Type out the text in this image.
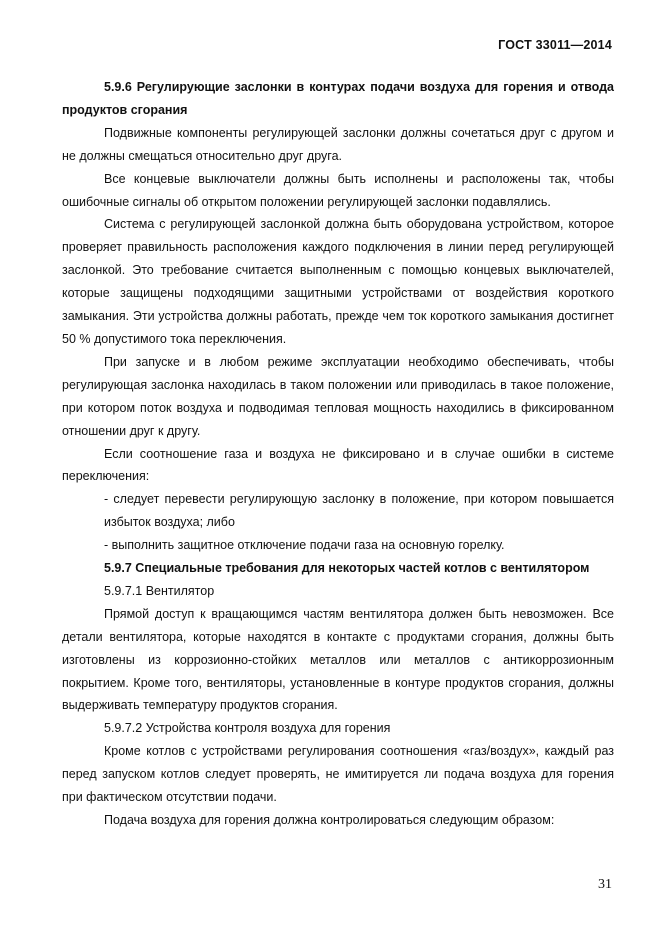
ГОСТ 33011—2014

5.9.6 Регулирующие заслонки в контурах подачи воздуха для горения и отвода продуктов сгорания

Подвижные компоненты регулирующей заслонки должны сочетаться друг с другом и не должны смещаться относительно друг друга.

Все концевые выключатели должны быть исполнены и расположены так, чтобы ошибочные сигналы об открытом положении регулирующей заслонки подавлялись.

Система с регулирующей заслонкой должна быть оборудована устройством, которое проверяет правильность расположения каждого подключения в линии перед регулирующей заслонкой. Это требование считается выполненным с помощью концевых выключателей, которые защищены подходящими защитными устройствами от воздействия короткого замыкания. Эти устройства должны работать, прежде чем ток короткого замыкания достигнет 50 % допустимого тока переключения.

При запуске и в любом режиме эксплуатации необходимо обеспечивать, чтобы регулирующая заслонка находилась в таком положении или приводилась в такое положение, при котором поток воздуха и подводимая тепловая мощность находились в фиксированном отношении друг к другу.

Если соотношение газа и воздуха не фиксировано и в случае ошибки в системе переключения:

- следует перевести регулирующую заслонку в положение, при котором повышается избыток воздуха; либо

- выполнить защитное отключение подачи газа на основную горелку.

5.9.7 Специальные требования для некоторых частей котлов с вентилятором

5.9.7.1 Вентилятор

Прямой доступ к вращающимся частям вентилятора должен быть невозможен. Все детали вентилятора, которые находятся в контакте с продуктами сгорания, должны быть изготовлены из коррозионно-стойких металлов или металлов с антикоррозионным покрытием. Кроме того, вентиляторы, установленные в контуре продуктов сгорания, должны выдерживать температуру продуктов сгорания.

5.9.7.2 Устройства контроля воздуха для горения

Кроме котлов с устройствами регулирования соотношения «газ/воздух», каждый раз перед запуском котлов следует проверять, не имитируется ли подача воздуха для горения при фактическом отсутствии подачи.

Подача воздуха для горения должна контролироваться следующим образом:

31
